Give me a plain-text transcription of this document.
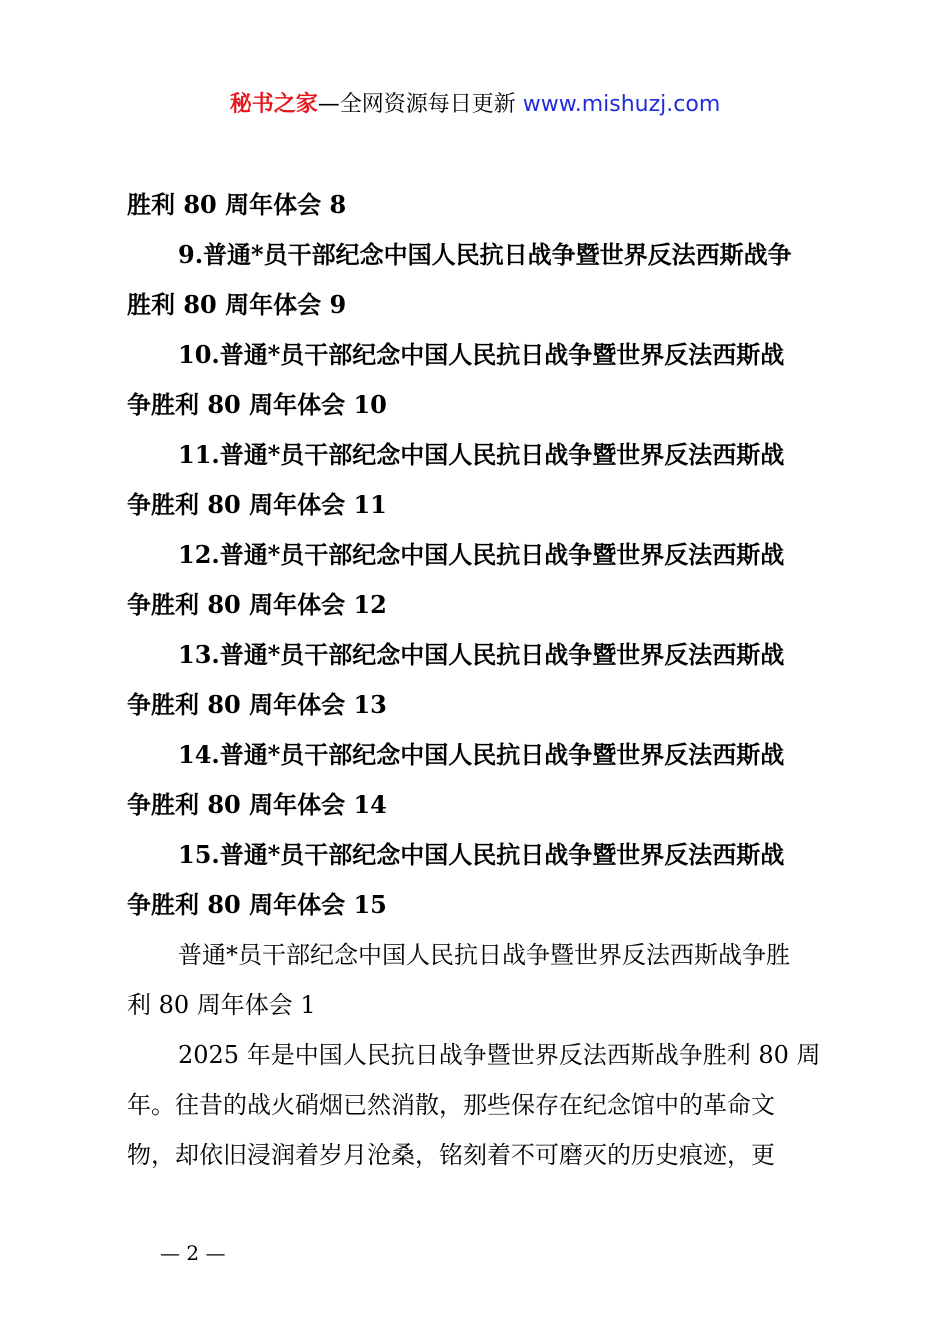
秘书之家—全网资源每日更新 www.mishuzj.com
胜利 80 周年体会 8
9.普通*员干部纪念中国人民抗日战争暨世界反法西斯战争
胜利 80 周年体会 9
10.普通*员干部纪念中国人民抗日战争暨世界反法西斯战
争胜利 80 周年体会 10
11.普通*员干部纪念中国人民抗日战争暨世界反法西斯战
争胜利 80 周年体会 11
12.普通*员干部纪念中国人民抗日战争暨世界反法西斯战
争胜利 80 周年体会 12
13.普通*员干部纪念中国人民抗日战争暨世界反法西斯战
争胜利 80 周年体会 13
14.普通*员干部纪念中国人民抗日战争暨世界反法西斯战
争胜利 80 周年体会 14
15.普通*员干部纪念中国人民抗日战争暨世界反法西斯战
争胜利 80 周年体会 15
普通*员干部纪念中国人民抗日战争暨世界反法西斯战争胜
利 80 周年体会 1
2025 年是中国人民抗日战争暨世界反法西斯战争胜利 80 周
年。往昔的战火硝烟已然消散，那些保存在纪念馆中的革命文
物，却依旧浸润着岁月沧桑，铭刻着不可磨灭的历史痕迹，更
— 2 —
